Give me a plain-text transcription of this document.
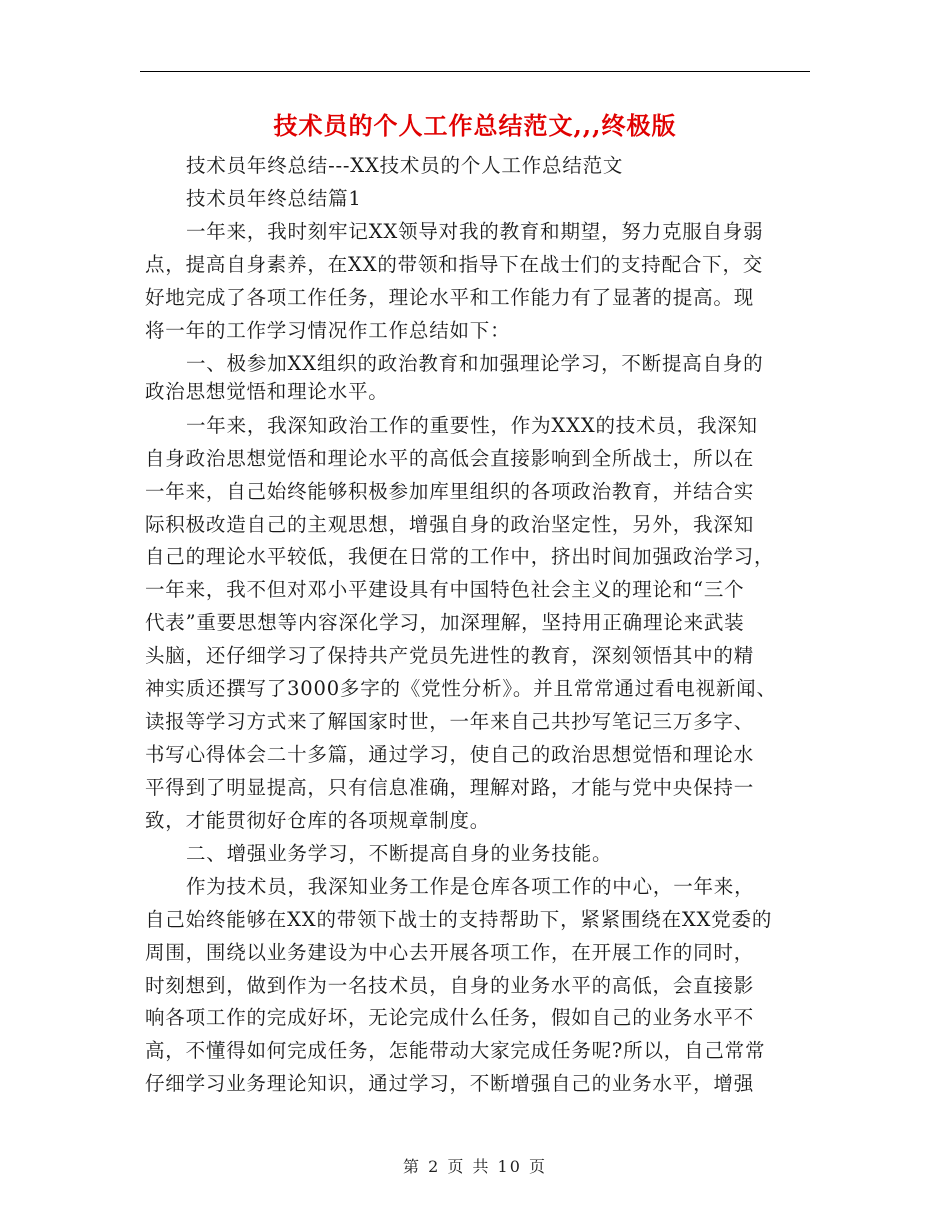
技术员的个人工作总结范文,,,终极版
技术员年终总结---XX技术员的个人工作总结范文
技术员年终总结篇1
一年来，我时刻牢记XX领导对我的教育和期望，努力克服自身弱
点，提高自身素养，在XX的带领和指导下在战士们的支持配合下，交
好地完成了各项工作任务，理论水平和工作能力有了显著的提高。现
将一年的工作学习情况作工作总结如下：
一、极参加XX组织的政治教育和加强理论学习，不断提高自身的
政治思想觉悟和理论水平。
一年来，我深知政治工作的重要性，作为XXX的技术员，我深知
自身政治思想觉悟和理论水平的高低会直接影响到全所战士，所以在
一年来，自己始终能够积极参加库里组织的各项政治教育，并结合实
际积极改造自己的主观思想，增强自身的政治坚定性，另外，我深知
自己的理论水平较低，我便在日常的工作中，挤出时间加强政治学习，
一年来，我不但对邓小平建设具有中国特色社会主义的理论和“三个
代表”重要思想等内容深化学习，加深理解，坚持用正确理论来武装
头脑，还仔细学习了保持共产党员先进性的教育，深刻领悟其中的精
神实质还撰写了3000多字的《党性分析》。并且常常通过看电视新闻、
读报等学习方式来了解国家时世，一年来自己共抄写笔记三万多字、
书写心得体会二十多篇，通过学习，使自己的政治思想觉悟和理论水
平得到了明显提高，只有信息准确，理解对路，才能与党中央保持一
致，才能贯彻好仓库的各项规章制度。
二、增强业务学习，不断提高自身的业务技能。
作为技术员，我深知业务工作是仓库各项工作的中心，一年来，
自己始终能够在XX的带领下战士的支持帮助下，紧紧围绕在XX党委的
周围，围绕以业务建设为中心去开展各项工作，在开展工作的同时，
时刻想到，做到作为一名技术员，自身的业务水平的高低，会直接影
响各项工作的完成好坏，无论完成什么任务，假如自己的业务水平不
高，不懂得如何完成任务，怎能带动大家完成任务呢?所以，自己常常
仔细学习业务理论知识，通过学习，不断增强自己的业务水平，增强
第 2 页 共 10 页
